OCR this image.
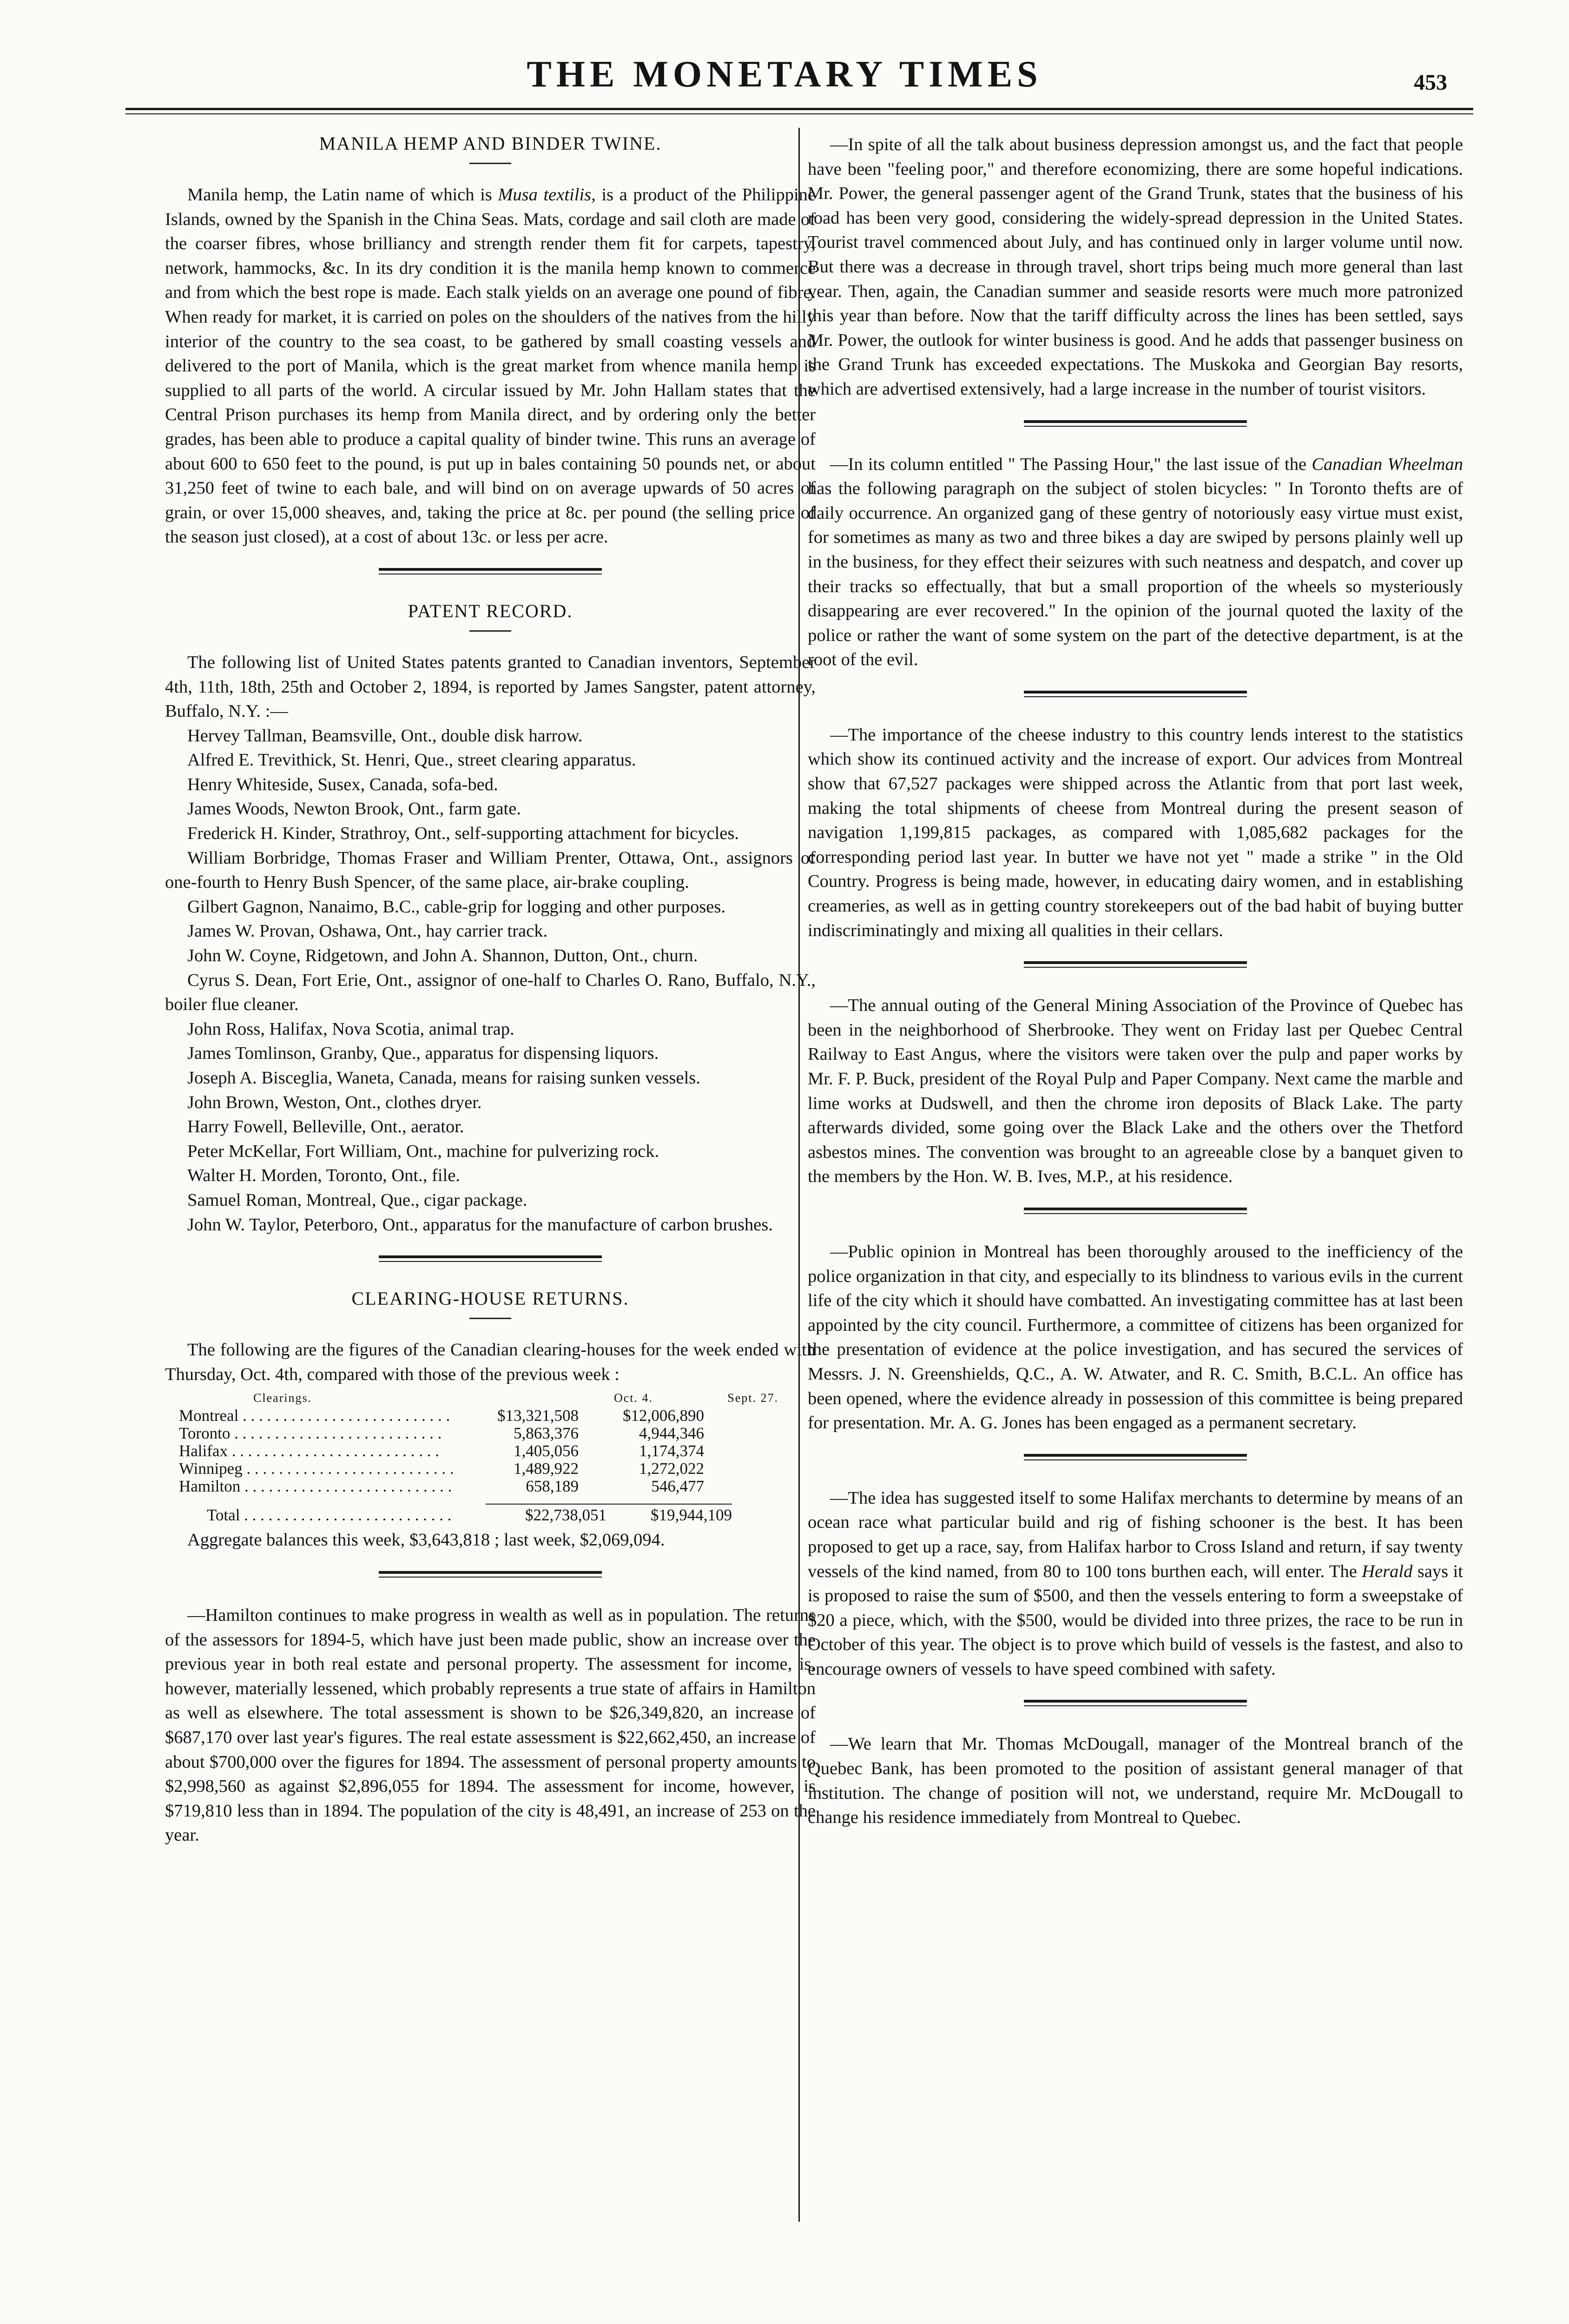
THE MONETARY TIMES	453
MANILA HEMP AND BINDER TWINE.

Manila hemp, the Latin name of which is Musa textilis, is a product of the Philippine Islands, owned by the Spanish in the China Seas. Mats, cordage and sail cloth are made of the coarser fibres, whose brilliancy and strength render them fit for carpets, tapestry, network, hammocks, &c. In its dry condition it is the manila hemp known to commerce and from which the best rope is made. Each stalk yields on an average one pound of fibre. When ready for market, it is carried on poles on the shoulders of the natives from the hilly interior of the country to the sea coast, to be gathered by small coasting vessels and delivered to the port of Manila, which is the great market from whence manila hemp is supplied to all parts of the world. A circular issued by Mr. John Hallam states that the Central Prison purchases its hemp from Manila direct, and by ordering only the better grades, has been able to produce a capital quality of binder twine. This runs an average of about 600 to 650 feet to the pound, is put up in bales containing 50 pounds net, or about 31,250 feet of twine to each bale, and will bind on on average upwards of 50 acres of grain, or over 15,000 sheaves, and, taking the price at 8c. per pound (the selling price of the season just closed), at a cost of about 13c. or less per acre.

PATENT RECORD.

The following list of United States patents granted to Canadian inventors, September 4th, 11th, 18th, 25th and October 2, 1894, is reported by James Sangster, patent attorney, Buffalo, N.Y. :—

Hervey Tallman, Beamsville, Ont., double disk harrow.
Alfred E. Trevithick, St. Henri, Que., street clearing apparatus.
Henry Whiteside, Susex, Canada, sofa-bed.
James Woods, Newton Brook, Ont., farm gate.
Frederick H. Kinder, Strathroy, Ont., self-supporting attachment for bicycles.
William Borbridge, Thomas Fraser and William Prenter, Ottawa, Ont., assignors of one-fourth to Henry Bush Spencer, of the same place, air-brake coupling.
Gilbert Gagnon, Nanaimo, B.C., cable-grip for logging and other purposes.
James W. Provan, Oshawa, Ont., hay carrier track.
John W. Coyne, Ridgetown, and John A. Shannon, Dutton, Ont., churn.
Cyrus S. Dean, Fort Erie, Ont., assignor of one-half to Charles O. Rano, Buffalo, N.Y., boiler flue cleaner.
John Ross, Halifax, Nova Scotia, animal trap.
James Tomlinson, Granby, Que., apparatus for dispensing liquors.
Joseph A. Bisceglia, Waneta, Canada, means for raising sunken vessels.
John Brown, Weston, Ont., clothes dryer.
Harry Fowell, Belleville, Ont., aerator.
Peter McKellar, Fort William, Ont., machine for pulverizing rock.
Walter H. Morden, Toronto, Ont., file.
Samuel Roman, Montreal, Que., cigar package.
John W. Taylor, Peterboro, Ont., apparatus for the manufacture of carbon brushes.
CLEARING-HOUSE RETURNS.

The following are the figures of the Canadian clearing-houses for the week ended with Thursday, Oct. 4th, compared with those of the previous week :

Clearings.	Oct. 4.	Sept. 27.
Montreal . . .	$13,321,508	$12,006,890
Toronto . . .	5,863,376	4,944,346
Halifax . . .	1,405,056	1,174,374
Winnipeg . . .	1,489,922	1,272,022
Hamilton . . .	658,189	546,477
Total . . .	$22,738,051	$19,944,109
Aggregate balances this week, $3,643,818 ; last week, $2,069,094.

—Hamilton continues to make progress in wealth as well as in population. The returns of the assessors for 1894-5, which have just been made public, show an increase over the previous year in both real estate and personal property. The assessment for income, is, however, materially lessened, which probably represents a true state of affairs in Hamilton as well as elsewhere. The total assessment is shown to be $26,349,820, an increase of $687,170 over last year's figures. The real estate assessment is $22,662,450, an increase of about $700,000 over the figures for 1894. The assessment of personal property amounts to $2,998,560 as against $2,896,055 for 1894. The assessment for income, however, is $719,810 less than in 1894. The population of the city is 48,491, an increase of 253 on the year.

—In spite of all the talk about business depression amongst us, and the fact that people have been "feeling poor," and therefore economizing, there are some hopeful indications. Mr. Power, the general passenger agent of the Grand Trunk, states that the business of his road has been very good, considering the widely-spread depression in the United States. Tourist travel commenced about July, and has continued only in larger volume until now. But there was a decrease in through travel, short trips being much more general than last year. Then, again, the Canadian summer and seaside resorts were much more patronized this year than before. Now that the tariff difficulty across the lines has been settled, says Mr. Power, the outlook for winter business is good. And he adds that passenger business on the Grand Trunk has exceeded expectations. The Muskoka and Georgian Bay resorts, which are advertised extensively, had a large increase in the number of tourist visitors.

—In its column entitled " The Passing Hour," the last issue of the Canadian Wheelman has the following paragraph on the subject of stolen bicycles: " In Toronto thefts are of daily occurrence. An organized gang of these gentry of notoriously easy virtue must exist, for sometimes as many as two and three bikes a day are swiped by persons plainly well up in the business, for they effect their seizures with such neatness and despatch, and cover up their tracks so effectually, that but a small proportion of the wheels so mysteriously disappearing are ever recovered." In the opinion of the journal quoted the laxity of the police or rather the want of some system on the part of the detective department, is at the root of the evil.

—The importance of the cheese industry to this country lends interest to the statistics which show its continued activity and the increase of export. Our advices from Montreal show that 67,527 packages were shipped across the Atlantic from that port last week, making the total shipments of cheese from Montreal during the present season of navigation 1,199,815 packages, as compared with 1,085,682 packages for the corresponding period last year. In butter we have not yet " made a strike " in the Old Country. Progress is being made, however, in educating dairy women, and in establishing creameries, as well as in getting country storekeepers out of the bad habit of buying butter indiscriminatingly and mixing all qualities in their cellars.

—The annual outing of the General Mining Association of the Province of Quebec has been in the neighborhood of Sherbrooke. They went on Friday last per Quebec Central Railway to East Angus, where the visitors were taken over the pulp and paper works by Mr. F. P. Buck, president of the Royal Pulp and Paper Company. Next came the marble and lime works at Dudswell, and then the chrome iron deposits of Black Lake. The party afterwards divided, some going over the Black Lake and the others over the Thetford asbestos mines. The convention was brought to an agreeable close by a banquet given to the members by the Hon. W. B. Ives, M.P., at his residence.

—Public opinion in Montreal has been thoroughly aroused to the inefficiency of the police organization in that city, and especially to its blindness to various evils in the current life of the city which it should have combatted. An investigating committee has at last been appointed by the city council. Furthermore, a committee of citizens has been organized for the presentation of evidence at the police investigation, and has secured the services of Messrs. J. N. Greenshields, Q.C., A. W. Atwater, and R. C. Smith, B.C.L. An office has been opened, where the evidence already in possession of this committee is being prepared for presentation. Mr. A. G. Jones has been engaged as a permanent secretary.

—The idea has suggested itself to some Halifax merchants to determine by means of an ocean race what particular build and rig of fishing schooner is the best. It has been proposed to get up a race, say, from Halifax harbor to Cross Island and return, if say twenty vessels of the kind named, from 80 to 100 tons burthen each, will enter. The Herald says it is proposed to raise the sum of $500, and then the vessels entering to form a sweepstake of $20 a piece, which, with the $500, would be divided into three prizes, the race to be run in October of this year. The object is to prove which build of vessels is the fastest, and also to encourage owners of vessels to have speed combined with safety.

—We learn that Mr. Thomas McDougall, manager of the Montreal branch of the Quebec Bank, has been promoted to the position of assistant general manager of that institution. The change of position will not, we understand, require Mr. McDougall to change his residence immediately from Montreal to Quebec.
